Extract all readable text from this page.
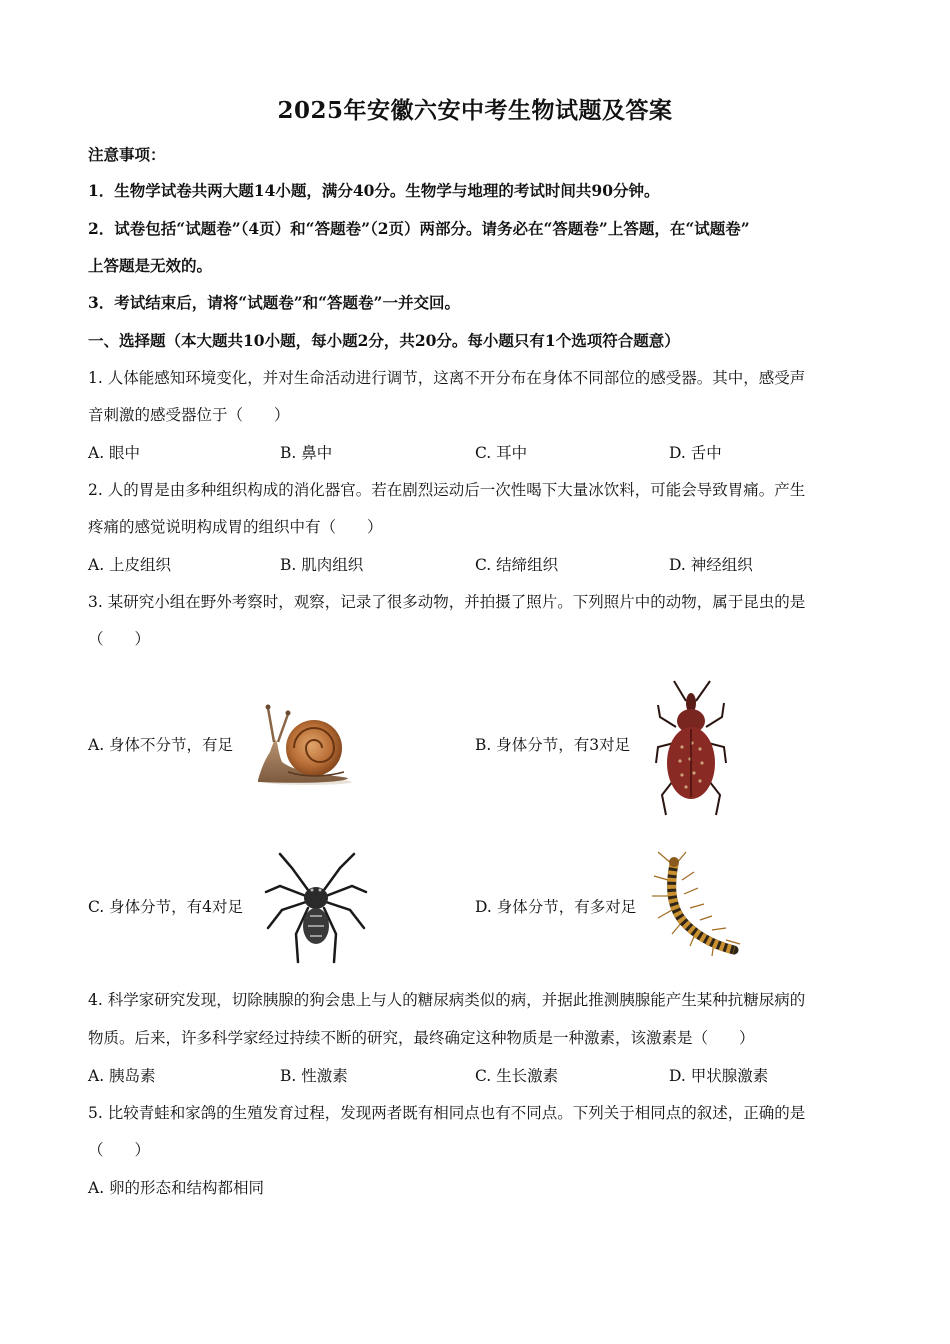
2025年安徽六安中考生物试题及答案
注意事项：
1．生物学试卷共两大题14小题，满分40分。生物学与地理的考试时间共90分钟。
2．试卷包括“试题卷”（4页）和“答题卷”（2页）两部分。请务必在“答题卷”上答题，在“试题卷”
上答题是无效的。
3．考试结束后，请将“试题卷”和“答题卷”一并交回。
一、选择题（本大题共10小题，每小题2分，共20分。每小题只有1个选项符合题意）
1. 人体能感知环境变化，并对生命活动进行调节，这离不开分布在身体不同部位的感受器。其中，感受声
音刺激的感受器位于（　　）
A. 眼中	B. 鼻中	C. 耳中	D. 舌中
2. 人的胃是由多种组织构成的消化器官。若在剧烈运动后一次性喝下大量冰饮料，可能会导致胃痛。产生
疼痛的感觉说明构成胃的组织中有（　　）
A. 上皮组织	B. 肌肉组织	C. 结缔组织	D. 神经组织
3. 某研究小组在野外考察时，观察，记录了很多动物，并拍摄了照片。下列照片中的动物，属于昆虫的是
（　　）
A. 身体不分节，有足	B. 身体分节，有3对足
C. 身体分节，有4对足	D. 身体分节，有多对足
4. 科学家研究发现，切除胰腺的狗会患上与人的糖尿病类似的病，并据此推测胰腺能产生某种抗糖尿病的
物质。后来，许多科学家经过持续不断的研究，最终确定这种物质是一种激素，该激素是（　　）
A. 胰岛素	B. 性激素	C. 生长激素	D. 甲状腺激素
5. 比较青蛙和家鸽的生殖发育过程，发现两者既有相同点也有不同点。下列关于相同点的叙述，正确的是
（　　）
A. 卵的形态和结构都相同
